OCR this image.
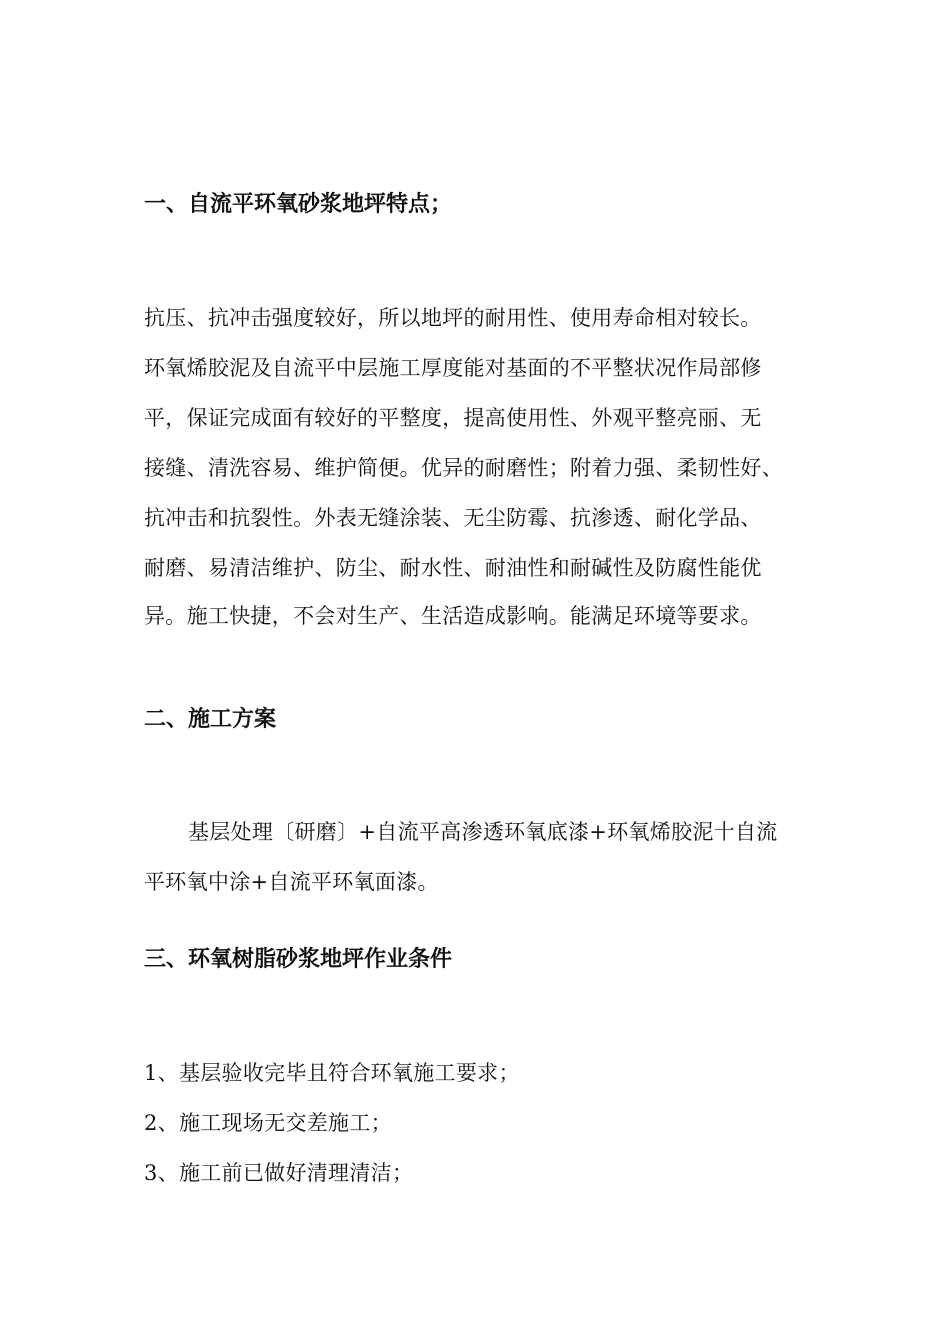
一、自流平环氧砂浆地坪特点；
抗压、抗冲击强度较好，所以地坪的耐用性、使用寿命相对较长。
环氧烯胶泥及自流平中层施工厚度能对基面的不平整状况作局部修
平，保证完成面有较好的平整度，提高使用性、外观平整亮丽、无
接缝、清洗容易、维护简便。优异的耐磨性；附着力强、柔韧性好、
抗冲击和抗裂性。外表无缝涂装、无尘防霉、抗渗透、耐化学品、
耐磨、易清洁维护、防尘、耐水性、耐油性和耐碱性及防腐性能优
异。施工快捷，不会对生产、生活造成影响。能满足环境等要求。
二、施工方案
基层处理〔研磨〕+自流平高渗透环氧底漆+环氧烯胶泥十自流
平环氧中涂+自流平环氧面漆。
三、环氧树脂砂浆地坪作业条件
1、基层验收完毕且符合环氧施工要求；
2、施工现场无交差施工；
3、施工前已做好清理清洁；
